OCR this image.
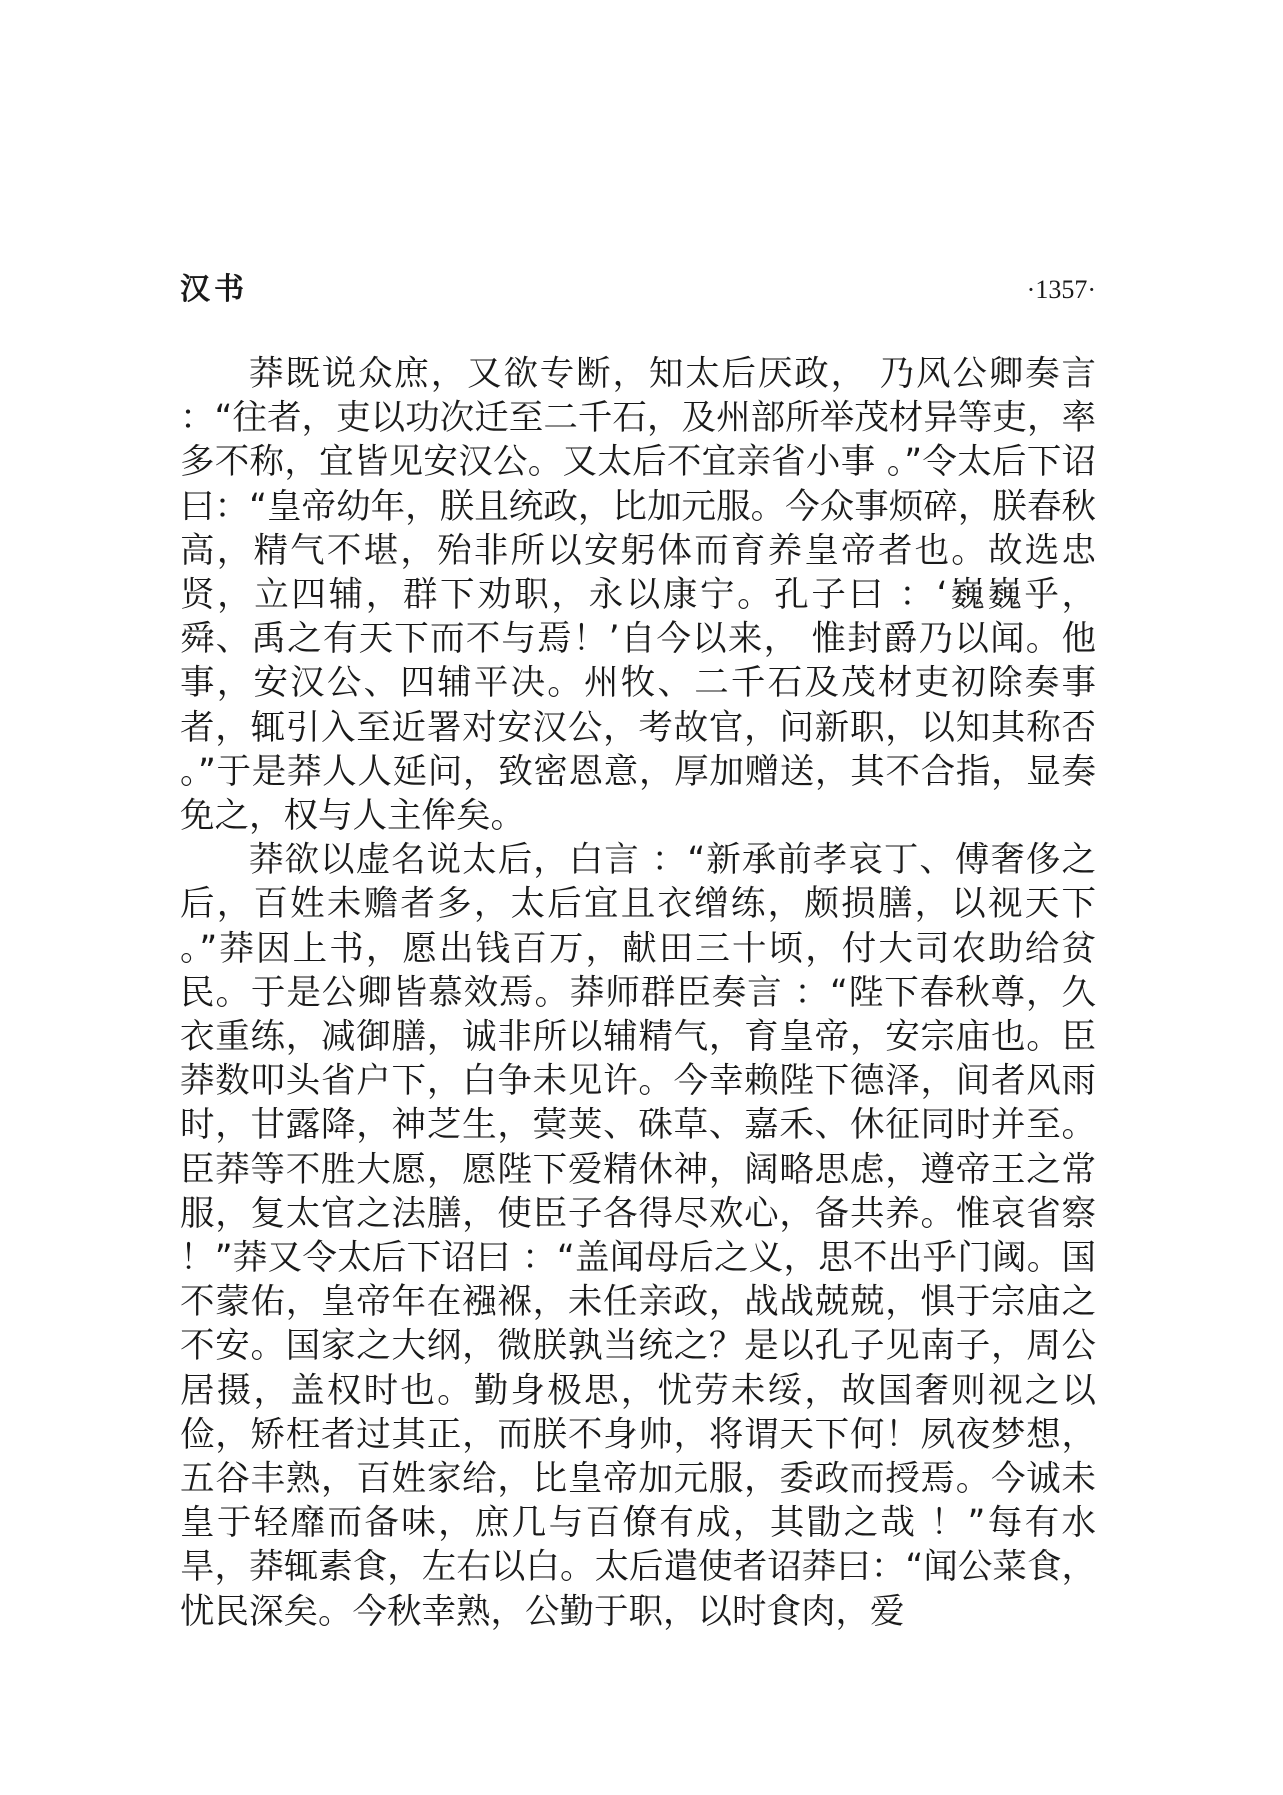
汉书	·1357·

莽既说众庶，又欲专断，知太后厌政， 乃风公卿奏言 ：“往者，吏以功次迁至二千石，及州部所举茂材异等吏，率多不称，宜皆见安汉公。又太后不宜亲省小事 。”令太后下诏曰：“皇帝幼年，朕且统政，比加元服。今众事烦碎，朕春秋高，精气不堪，殆非所以安躬体而育养皇帝者也。故选忠贤，立四辅，群下劝职，永以康宁。孔子曰 ：‘巍巍乎，舜、禹之有天下而不与焉！’自今以来， 惟封爵乃以闻。他事，安汉公、四辅平决。州牧、二千石及茂材吏初除奏事者，辄引入至近署对安汉公，考故官，问新职，以知其称否 。”于是莽人人延问，致密恩意，厚加赠送，其不合指，显奏免之，权与人主侔矣。

莽欲以虚名说太后，白言 ：“新承前孝哀丁、傅奢侈之后，百姓未赡者多，太后宜且衣缯练，颇损膳，以视天下 。”莽因上书，愿出钱百万，献田三十顷，付大司农助给贫民。于是公卿皆慕效焉。莽师群臣奏言 ：“陛下春秋尊，久衣重练，减御膳，诚非所以辅精气，育皇帝，安宗庙也。臣莽数叩头省户下，白争未见许。今幸赖陛下德泽，间者风雨时，甘露降，神芝生，蓂荚、硃草、嘉禾、休征同时并至。臣莽等不胜大愿，愿陛下爱精休神，阔略思虑，遵帝王之常服，复太官之法膳，使臣子各得尽欢心，备共养。惟哀省察 ！”莽又令太后下诏曰 ：“盖闻母后之义，思不出乎门阈。国不蒙佑，皇帝年在襁褓，未任亲政，战战兢兢，惧于宗庙之不安。国家之大纲，微朕孰当统之？是以孔子见南子，周公居摄，盖权时也。勤身极思，忧劳未绥，故国奢则视之以俭，矫枉者过其正，而朕不身帅，将谓天下何！夙夜梦想，五谷丰熟，百姓家给，比皇帝加元服，委政而授焉。今诚未皇于轻靡而备味，庶几与百僚有成，其勖之哉 ！”每有水旱，莽辄素食，左右以白。太后遣使者诏莽曰：“闻公菜食，忧民深矣。今秋幸熟，公勤于职，以时食肉，爱
